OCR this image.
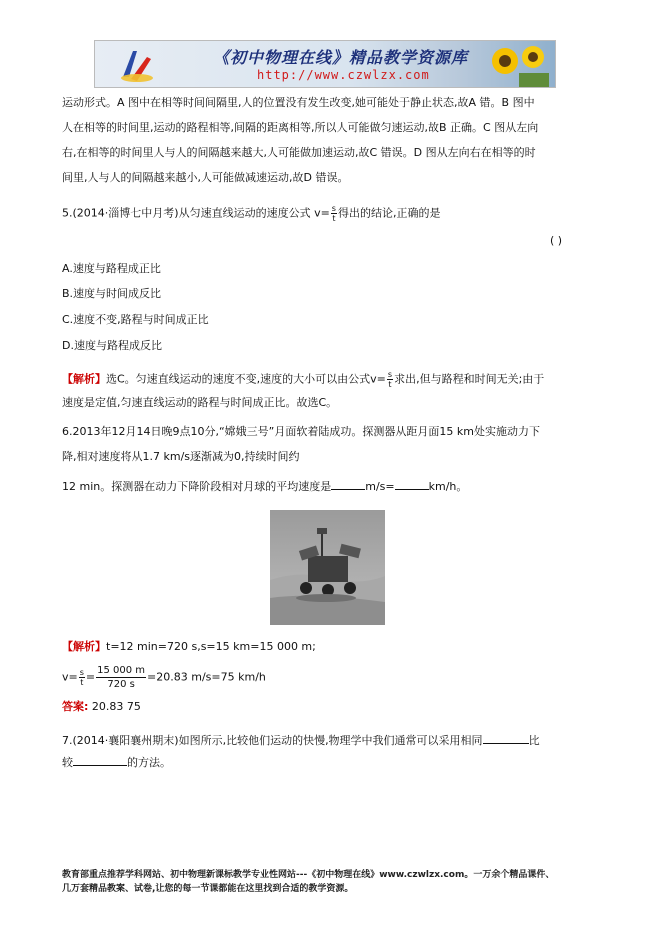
《初中物理在线》精品教学资源库
http://www.czwlzx.com
运动形式。A 图中在相等时间间隔里,人的位置没有发生改变,她可能处于静止状态,故A 错。B 图中
人在相等的时间里,运动的路程相等,间隔的距离相等,所以人可能做匀速运动,故B 正确。C 图从左向
右,在相等的时间里人与人的间隔越来越大,人可能做加速运动,故C 错误。D 图从左向右在相等的时
间里,人与人的间隔越来越小,人可能做减速运动,故D 错误。
5.(2014·淄博七中月考)从匀速直线运动的速度公式 $v= \frac{s}{t}$ 得出的结论,正确的是
( )
A.速度与路程成正比
B.速度与时间成反比
C.速度不变,路程与时间成正比
D.速度与路程成反比
【解析】选C。匀速直线运动的速度不变,速度的大小可以由公式$v= \frac{s}{t}$ 求出,但与路程和时间无关;由于
速度是定值,匀速直线运动的路程与时间成正比。故选C。
6.2013年12月14日晚9点10分,“嫦娥三号”月面软着陆成功。探测器从距月面15 km处实施动力下
降,相对速度将从1.7 km/s逐渐减为0,持续时间约
12 min。探测器在动力下降阶段相对月球的平均速度是	m/s=	km/h。
【解析】t=12 min=720 s,s=15 km=15 000 m;
$v= \frac{s}{t} = \frac{15 000 m}{720 s} =20.83$ m/s=75 km/h
答案: 20.83 75
7.(2014·襄阳襄州期末)如图所示,比较他们运动的快慢,物理学中我们通常可以采用相同	比
较	的方法。
教育部重点推荐学科网站、初中物理新课标教学专业性网站---《初中物理在线》www.czwlzx.com。一万余个精品课件、
几万套精品教案、试卷,让您的每一节课都能在这里找到合适的教学资源。
